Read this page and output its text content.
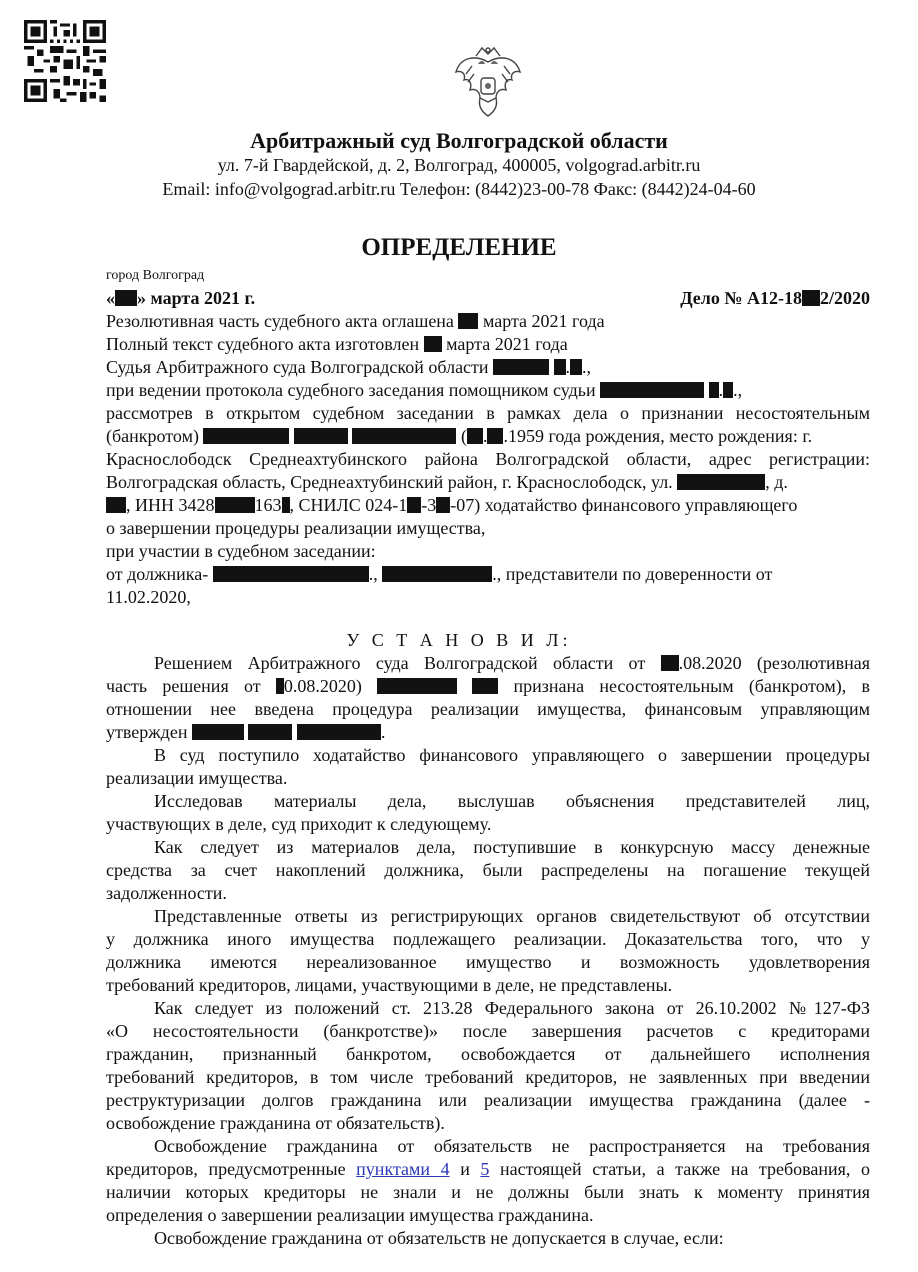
Арбитражный суд Волгоградской области
ул. 7-й Гвардейской, д. 2, Волгоград, 400005, volgograd.arbitr.ru
Email: info@volgograd.arbitr.ru Телефон: (8442)23-00-78 Факс: (8442)24-04-60
ОПРЕДЕЛЕНИЕ
город Волгоград
« » марта 2021 г.	Дело № А12-18 2/2020
Резолютивная часть судебного акта оглашена  марта 2021 года
Полный текст судебного акта изготовлен  марта 2021 года
Судья Арбитражного суда Волгоградской области	. .,
при ведении протокола судебного заседания помощником судьи	. .,
рассмотрев в открытом судебном заседании в рамках дела о признании несостоятельным
(банкротом)	( . .1959 года рождения, место рождения: г.
Краснослободск Среднеахтубинского района Волгоградской области, адрес регистрации:
Волгоградская область, Среднеахтубинский район, г. Краснослободск, ул.	, д.
, ИНН 3428 163 , СНИЛС 024-1 -3 -07) ходатайство финансового управляющего
о завершении процедуры реализации имущества,
при участии в судебном заседании:
от должника-	.,	., представители по доверенности от
11.02.2020,
У С Т А Н О В И Л:
Решением Арбитражного суда Волгоградской области от .08.2020 (резолютивная
часть решения от 0.08.2020)	признана несостоятельным (банкротом), в
отношении нее введена процедура реализации имущества, финансовым управляющим
утвержден	.
В суд поступило ходатайство финансового управляющего о завершении процедуры
реализации имущества.
Исследовав материалы дела, выслушав объяснения представителей лиц,
участвующих в деле, суд приходит к следующему.
Как следует из материалов дела, поступившие в конкурсную массу денежные
средства за счет накоплений должника, были распределены на погашение текущей
задолженности.
Представленные ответы из регистрирующих органов свидетельствуют об отсутствии
у должника иного имущества подлежащего реализации. Доказательства того, что у
должника имеются нереализованное имущество и возможность удовлетворения
требований кредиторов, лицами, участвующими в деле, не представлены.
Как следует из положений ст. 213.28 Федерального закона от 26.10.2002 №127-ФЗ
«О несостоятельности (банкротстве)» после завершения расчетов с кредиторами
гражданин, признанный банкротом, освобождается от дальнейшего исполнения
требований кредиторов, в том числе требований кредиторов, не заявленных при введении
реструктуризации долгов гражданина или реализации имущества гражданина (далее -
освобождение гражданина от обязательств).
Освобождение гражданина от обязательств не распространяется на требования
кредиторов, предусмотренные пунктами 4 и 5 настоящей статьи, а также на требования, о
наличии которых кредиторы не знали и не должны были знать к моменту принятия
определения о завершении реализации имущества гражданина.
Освобождение гражданина от обязательств не допускается в случае, если:
